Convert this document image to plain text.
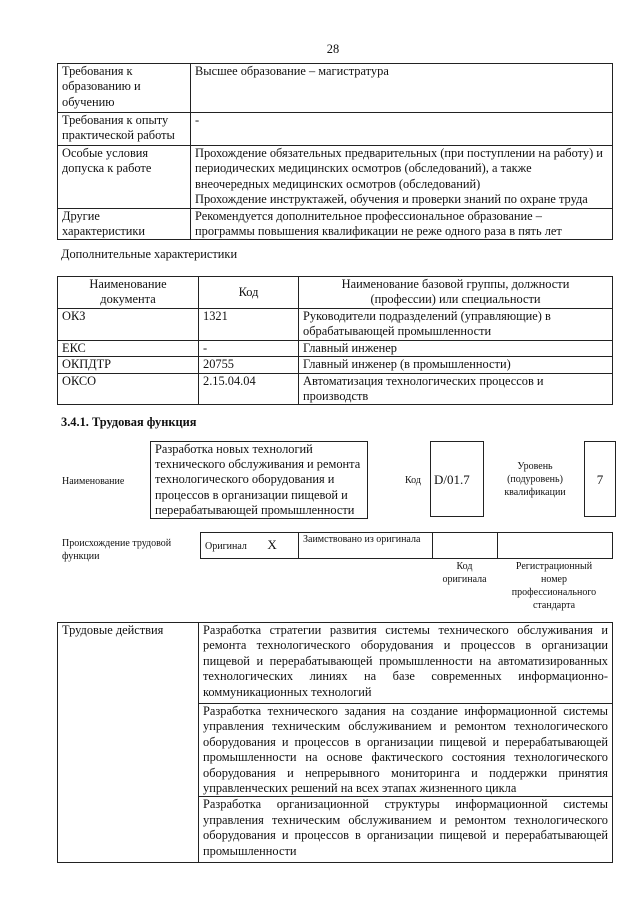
28
Требования к образованию и обучению	Высшее образование – магистратура
Требования к опыту практической работы	-
Особые условия допуска к работе	Прохождение обязательных предварительных (при поступлении на работу) и периодических медицинских осмотров (обследований), а также внеочередных медицинских осмотров (обследований)
Прохождение инструктажей, обучения и проверки знаний по охране труда

Другие характеристики	Рекомендуется дополнительное профессиональное образование – программы повышения квалификации не реже одного раза в пять лет
Дополнительные характеристики
Наименование документа	Код	Наименование базовой группы, должности (профессии) или специальности
ОКЗ	1321	Руководители подразделений (управляющие) в обрабатывающей промышленности
ЕКС	-	Главный инженер
ОКПДТР	20755	Главный инженер (в промышленности)
ОКСО	2.15.04.04	Автоматизация технологических процессов и производств
3.4.1. Трудовая функция
Наименование
Разработка новых технологий технического обслуживания и ремонта технологического оборудования и процессов в организации пищевой и перерабатывающей промышленности
Код	D/01.7
Уровень (подуровень) квалификации
7
Происхождение трудовой функции
Оригинал X	Заимствовано из оригинала		
Код оригинала
Регистрационный номер профессионального стандарта
Трудовые действия	Разработка стратегии развития системы технического обслуживания и ремонта технологического оборудования и процессов в организации пищевой и перерабатывающей промышленности на автоматизированных технологических линиях на базе современных информационно-коммуникационных технологий
Разработка технического задания на создание информационной системы управления техническим обслуживанием и ремонтом технологического оборудования и процессов в организации пищевой и перерабатывающей промышленности на основе фактического состояния технологического оборудования и непрерывного мониторинга и поддержки принятия управленческих решений на всех этапах жизненного цикла
Разработка организационной структуры информационной системы управления техническим обслуживанием и ремонтом технологического оборудования и процессов в организации пищевой и перерабатывающей промышленности
